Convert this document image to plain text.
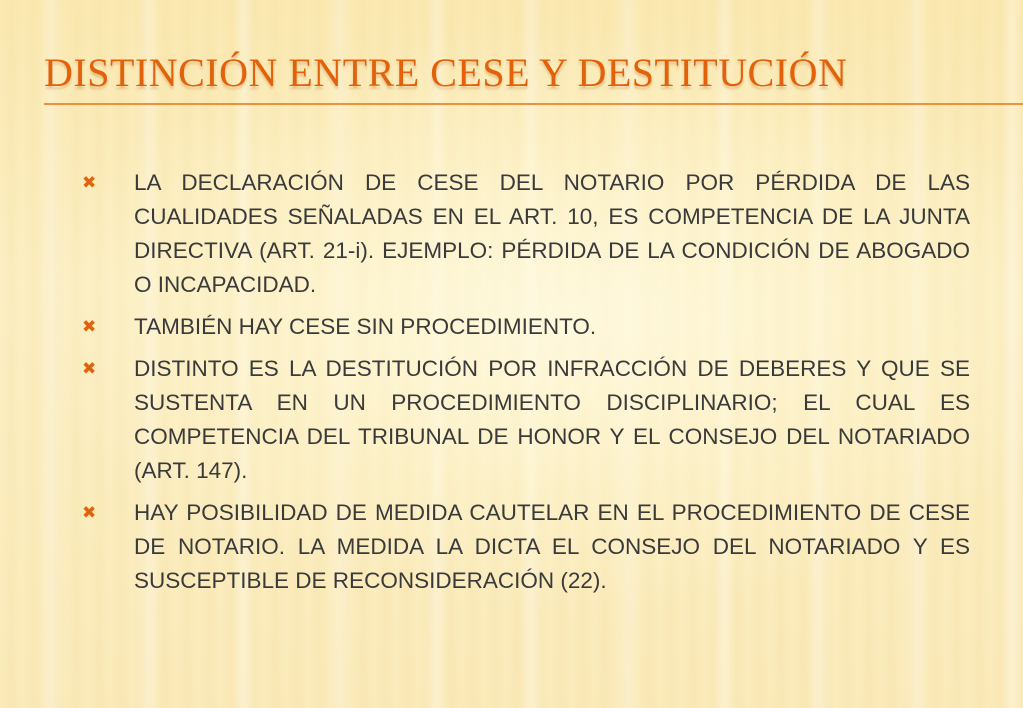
DISTINCIÓN ENTRE CESE Y DESTITUCIÓN
✖ LA DECLARACIÓN DE CESE DEL NOTARIO POR PÉRDIDA DE LAS CUALIDADES SEÑALADAS EN EL ART. 10, ES COMPETENCIA DE LA JUNTA DIRECTIVA (ART. 21-i). EJEMPLO: PÉRDIDA DE LA CONDICIÓN DE ABOGADO O INCAPACIDAD.
✖ TAMBIÉN HAY CESE SIN PROCEDIMIENTO.
✖ DISTINTO ES LA DESTITUCIÓN POR INFRACCIÓN DE DEBERES Y QUE SE SUSTENTA EN UN PROCEDIMIENTO DISCIPLINARIO; EL CUAL ES COMPETENCIA DEL TRIBUNAL DE HONOR Y EL CONSEJO DEL NOTARIADO (ART. 147).
✖ HAY POSIBILIDAD DE MEDIDA CAUTELAR EN EL PROCEDIMIENTO DE CESE DE NOTARIO. LA MEDIDA LA DICTA EL CONSEJO DEL NOTARIADO Y ES SUSCEPTIBLE DE RECONSIDERACIÓN (22).
